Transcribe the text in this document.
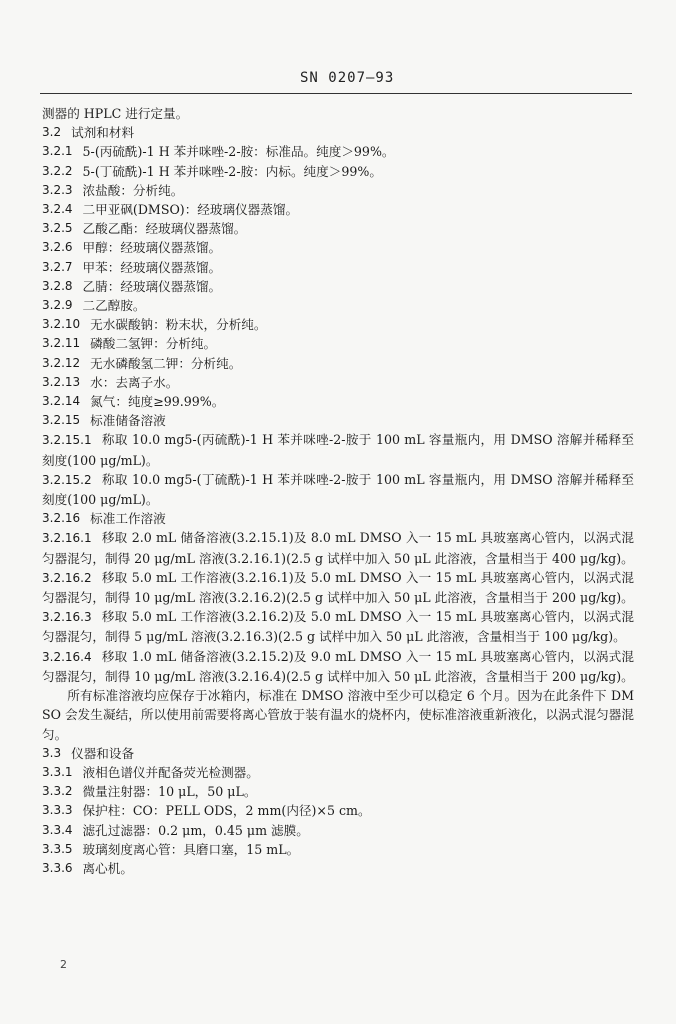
SN 0207—93
测器的 HPLC 进行定量。
3.2 试剂和材料
3.2.1 5-(丙硫酰)-1 H 苯并咪唑-2-胺：标准品。纯度＞99%。
3.2.2 5-(丁硫酰)-1 H 苯并咪唑-2-胺：内标。纯度＞99%。
3.2.3 浓盐酸：分析纯。
3.2.4 二甲亚砜(DMSO)：经玻璃仪器蒸馏。
3.2.5 乙酸乙酯：经玻璃仪器蒸馏。
3.2.6 甲醇：经玻璃仪器蒸馏。
3.2.7 甲苯：经玻璃仪器蒸馏。
3.2.8 乙腈：经玻璃仪器蒸馏。
3.2.9 二乙醇胺。
3.2.10 无水碳酸钠：粉末状，分析纯。
3.2.11 磷酸二氢钾：分析纯。
3.2.12 无水磷酸氢二钾：分析纯。
3.2.13 水：去离子水。
3.2.14 氮气：纯度≥99.99%。
3.2.15 标准储备溶液
3.2.15.1 称取 10.0 mg5-(丙硫酰)-1 H 苯并咪唑-2-胺于 100 mL 容量瓶内，用 DMSO 溶解并稀释至刻度(100 μg/mL)。
3.2.15.2 称取 10.0 mg5-(丁硫酰)-1 H 苯并咪唑-2-胺于 100 mL 容量瓶内，用 DMSO 溶解并稀释至刻度(100 μg/mL)。
3.2.16 标准工作溶液
3.2.16.1 移取 2.0 mL 储备溶液(3.2.15.1)及 8.0 mL DMSO 入一 15 mL 具玻塞离心管内，以涡式混匀器混匀，制得 20 μg/mL 溶液(3.2.16.1)(2.5 g 试样中加入 50 μL 此溶液，含量相当于 400 μg/kg)。
3.2.16.2 移取 5.0 mL 工作溶液(3.2.16.1)及 5.0 mL DMSO 入一 15 mL 具玻塞离心管内，以涡式混匀器混匀，制得 10 μg/mL 溶液(3.2.16.2)(2.5 g 试样中加入 50 μL 此溶液，含量相当于 200 μg/kg)。
3.2.16.3 移取 5.0 mL 工作溶液(3.2.16.2)及 5.0 mL DMSO 入一 15 mL 具玻塞离心管内，以涡式混匀器混匀，制得 5 μg/mL 溶液(3.2.16.3)(2.5 g 试样中加入 50 μL 此溶液，含量相当于 100 μg/kg)。
3.2.16.4 移取 1.0 mL 储备溶液(3.2.15.2)及 9.0 mL DMSO 入一 15 mL 具玻塞离心管内，以涡式混匀器混匀，制得 10 μg/mL 溶液(3.2.16.4)(2.5 g 试样中加入 50 μL 此溶液，含量相当于 200 μg/kg)。
所有标准溶液均应保存于冰箱内，标准在 DMSO 溶液中至少可以稳定 6 个月。因为在此条件下 DMSO 会发生凝结，所以使用前需要将离心管放于装有温水的烧杯内，使标准溶液重新液化，以涡式混匀器混匀。
3.3 仪器和设备
3.3.1 液相色谱仪并配备荧光检测器。
3.3.2 微量注射器：10 μL，50 μL。
3.3.3 保护柱：CO：PELL ODS，2 mm(内径)×5 cm。
3.3.4 滤孔过滤器：0.2 μm，0.45 μm 滤膜。
3.3.5 玻璃刻度离心管：具磨口塞，15 mL。
3.3.6 离心机。
2
